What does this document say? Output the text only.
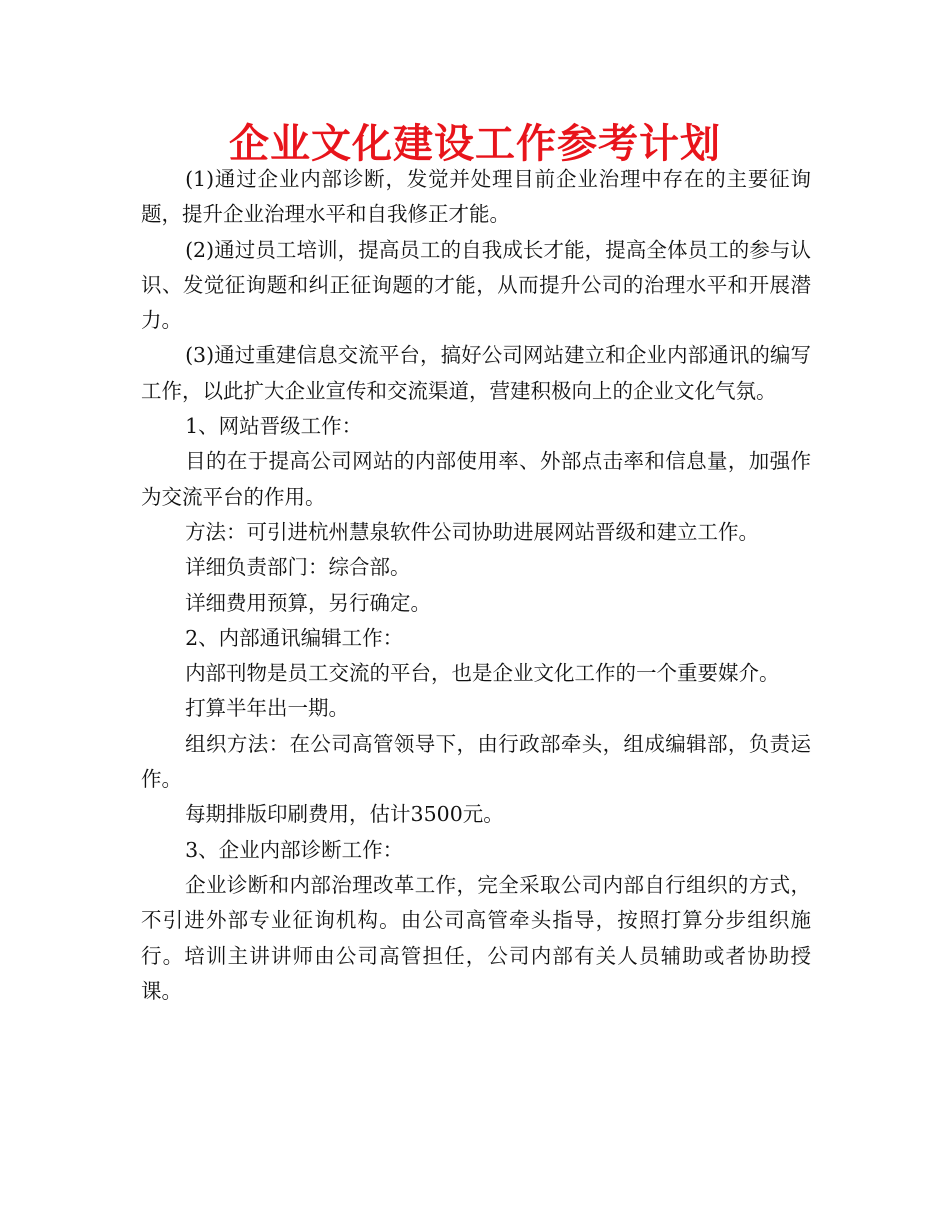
企业文化建设工作参考计划

(1)通过企业内部诊断，发觉并处理目前企业治理中存在的主要征询题，提升企业治理水平和自我修正才能。

(2)通过员工培训，提高员工的自我成长才能，提高全体员工的参与认识、发觉征询题和纠正征询题的才能，从而提升公司的治理水平和开展潜力。

(3)通过重建信息交流平台，搞好公司网站建立和企业内部通讯的编写工作，以此扩大企业宣传和交流渠道，营建积极向上的企业文化气氛。

1、网站晋级工作：

目的在于提高公司网站的内部使用率、外部点击率和信息量，加强作为交流平台的作用。

方法：可引进杭州慧泉软件公司协助进展网站晋级和建立工作。

详细负责部门：综合部。

详细费用预算，另行确定。

2、内部通讯编辑工作：

内部刊物是员工交流的平台，也是企业文化工作的一个重要媒介。

打算半年出一期。

组织方法：在公司高管领导下，由行政部牵头，组成编辑部，负责运作。

每期排版印刷费用，估计3500元。

3、企业内部诊断工作：

企业诊断和内部治理改革工作，完全采取公司内部自行组织的方式，不引进外部专业征询机构。由公司高管牵头指导，按照打算分步组织施行。培训主讲讲师由公司高管担任，公司内部有关人员辅助或者协助授课。
